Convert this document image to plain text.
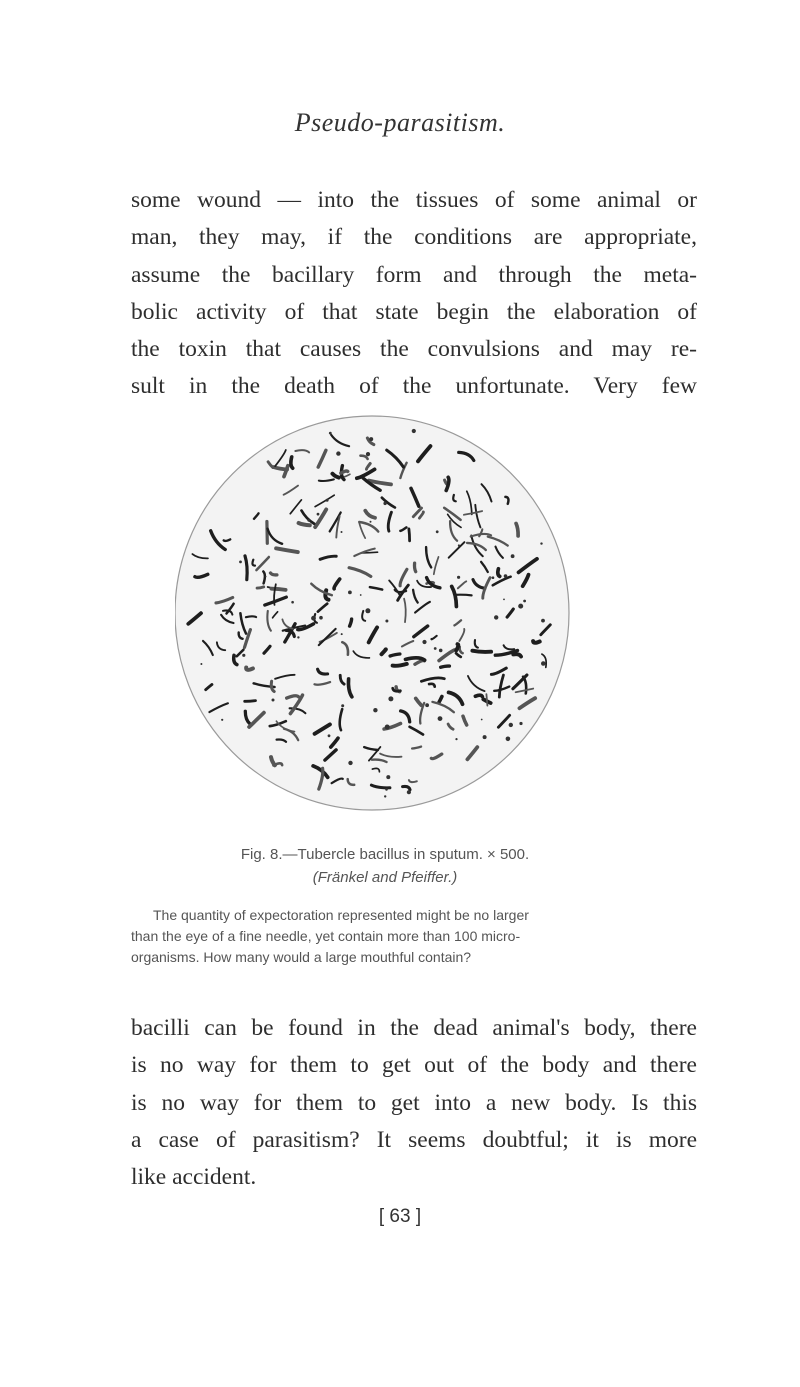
Pseudo-parasitism.
some wound — into the tissues of some animal or
man, they may, if the conditions are appropriate,
assume the bacillary form and through the meta-
bolic activity of that state begin the elaboration of
the toxin that causes the convulsions and may re-
sult in the death of the unfortunate. Very few
Fig. 8.—Tubercle bacillus in sputum. × 500.
(Fränkel and Pfeiffer.)
The quantity of expectoration represented might be no larger
than the eye of a fine needle, yet contain more than 100 micro-
organisms. How many would a large mouthful contain?
bacilli can be found in the dead animal's body, there
is no way for them to get out of the body and there
is no way for them to get into a new body. Is this
a case of parasitism? It seems doubtful; it is more
like accident.
[ 63 ]
